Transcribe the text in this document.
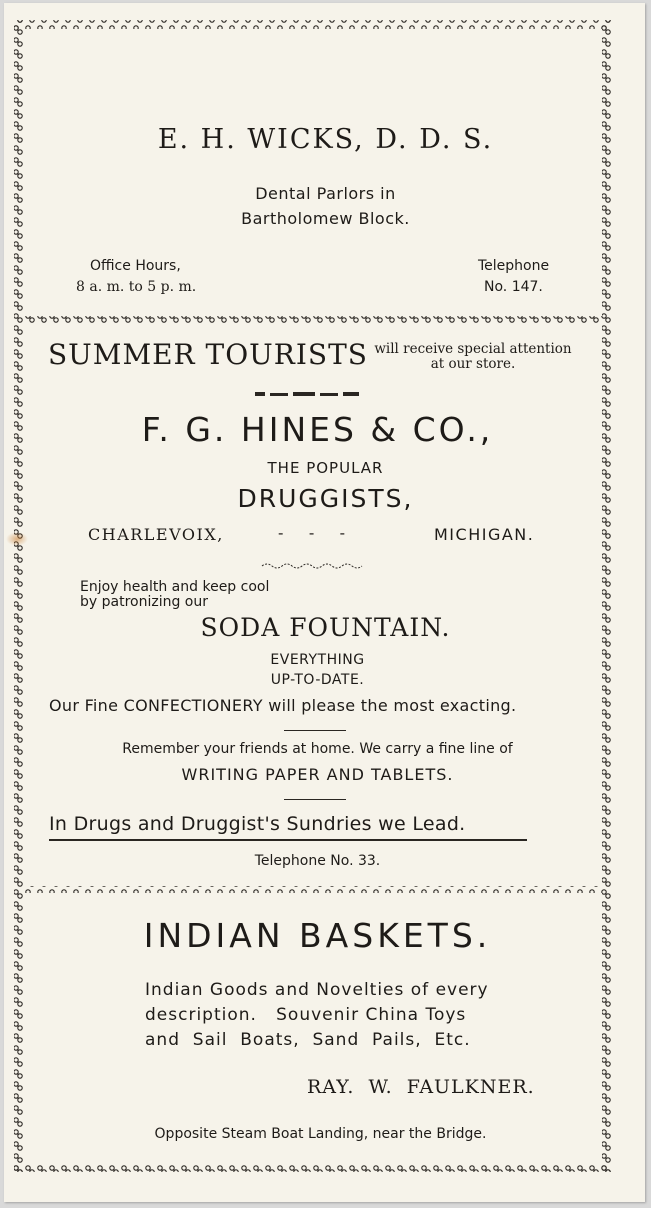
E. H. WICKS, D. D. S.
Dental Parlors in
Bartholomew Block.
Office Hours,
8 a. m. to 5 p. m.
Telephone
No. 147.
SUMMER TOURISTS will receive special attention
at our store.
F. G. HINES & CO.,
THE POPULAR
DRUGGISTS,
CHARLEVOIX,	-     -     -	MICHIGAN.
Enjoy health and keep cool
by patronizing our
SODA FOUNTAIN.
EVERYTHING
UP-TO-DATE.
Our Fine CONFECTIONERY will please the most exacting.
Remember your friends at home. We carry a fine line of
WRITING PAPER AND TABLETS.
In Drugs and Druggist's Sundries we Lead.
Telephone No. 33.
INDIAN BASKETS.
Indian Goods and Novelties of every
description.   Souvenir China Toys
and  Sail  Boats,  Sand  Pails,  Etc.
RAY.  W.  FAULKNER.
Opposite Steam Boat Landing, near the Bridge.
